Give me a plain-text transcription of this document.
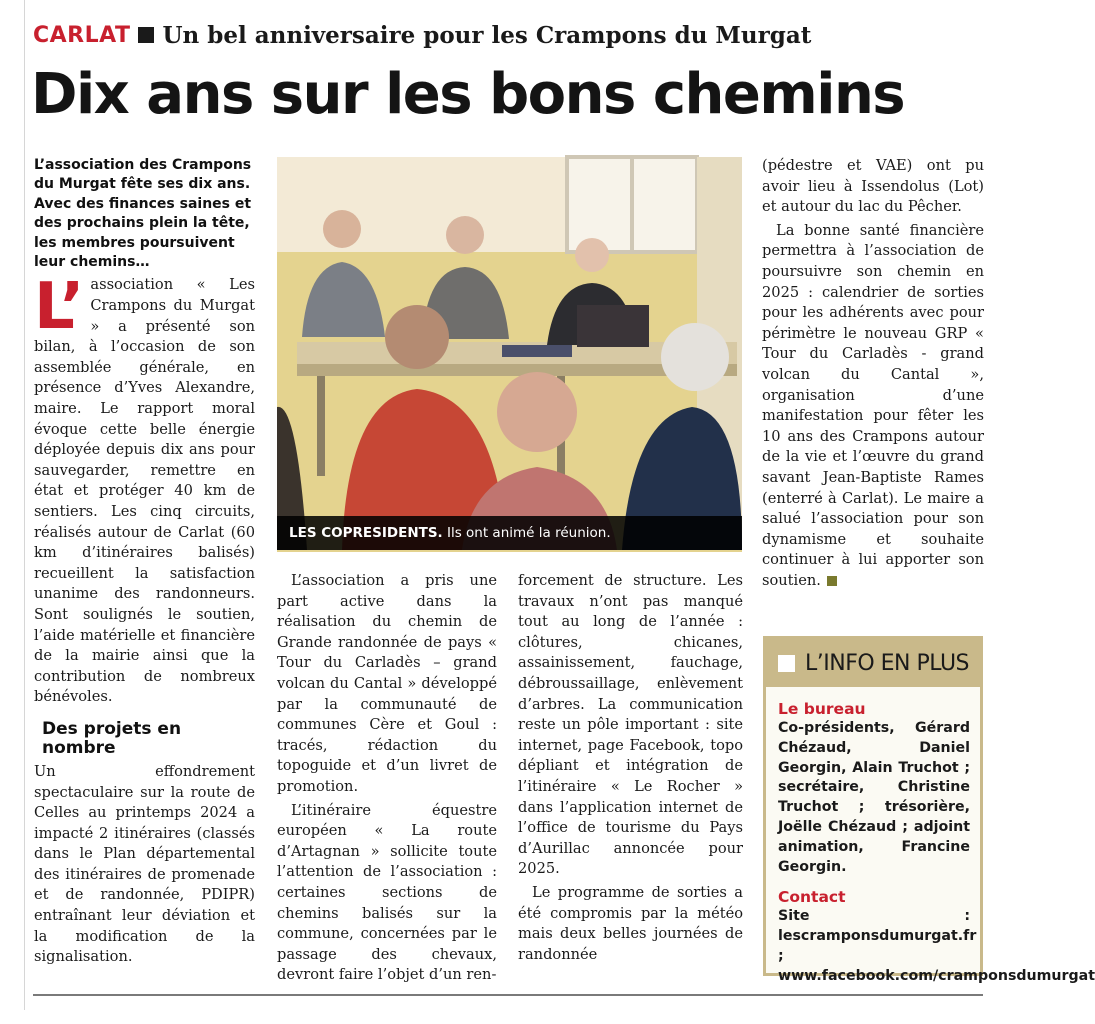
CARLAT Un bel anniversaire pour les Crampons du Murgat
Dix ans sur les bons chemins

L’association des Crampons du Murgat fête ses dix ans. Avec des finances saines et des prochains plein la tête, les membres poursuivent leur chemins…

L’ association « Les Crampons du Murgat » a présenté son bilan, à l’occasion de son assemblée générale, en présence d’Yves Alexandre, maire. Le rapport moral évoque cette belle énergie déployée depuis dix ans pour sauvegarder, remettre en état et protéger 40 km de sentiers. Les cinq circuits, réalisés autour de Carlat (60 km d’itinéraires balisés) recueillent la satisfaction unanime des randonneurs. Sont soulignés le soutien, l’aide matérielle et financière de la mairie ainsi que la contribution de nombreux bénévoles.

Des projets en nombre

Un effondrement spectaculaire sur la route de Celles au printemps 2024 a impacté 2 itinéraires (classés dans le Plan départemental des itinéraires de promenade et de randonnée, PDIPR) entraînant leur déviation et la modification de la signalisation.

LES COPRESIDENTS. Ils ont animé la réunion.

L’association a pris une part active dans la réalisation du chemin de Grande randonnée de pays « Tour du Carladès – grand volcan du Cantal » développé par la communauté de communes Cère et Goul : tracés, rédaction du topoguide et d’un livret de promotion.

L’itinéraire équestre européen « La route d’Artagnan » sollicite toute l’attention de l’association : certaines sections de chemins balisés sur la commune, concernées par le passage des chevaux, devront faire l’objet d’un ren-

forcement de structure. Les travaux n’ont pas manqué tout au long de l’année : clôtures, chicanes, assainissement, fauchage, débroussaillage, enlèvement d’arbres. La communication reste un pôle important : site internet, page Facebook, topo dépliant et intégration de l’itinéraire « Le Rocher » dans l’application internet de l’office de tourisme du Pays d’Aurillac annoncée pour 2025.

Le programme de sorties a été compromis par la météo mais deux belles journées de randonnée

(pédestre et VAE) ont pu avoir lieu à Issendolus (Lot) et autour du lac du Pêcher.

La bonne santé financière permettra à l’association de poursuivre son chemin en 2025 : calendrier de sorties pour les adhérents avec pour périmètre le nouveau GRP « Tour du Carladès - grand volcan du Cantal », organisation d’une manifestation pour fêter les 10 ans des Crampons autour de la vie et l’œuvre du grand savant Jean-Baptiste Rames (enterré à Carlat). Le maire a salué l’association pour son dynamisme et souhaite continuer à lui apporter son soutien.

L’INFO EN PLUS
Le bureau
Co-présidents, Gérard Chézaud, Daniel Georgin, Alain Truchot ; secrétaire, Christine Truchot ; trésorière, Joëlle Chézaud ; adjoint animation, Francine Georgin.
Contact
Site : lescramponsdumurgat.fr ; www.facebook.com/cramponsdumurgat
